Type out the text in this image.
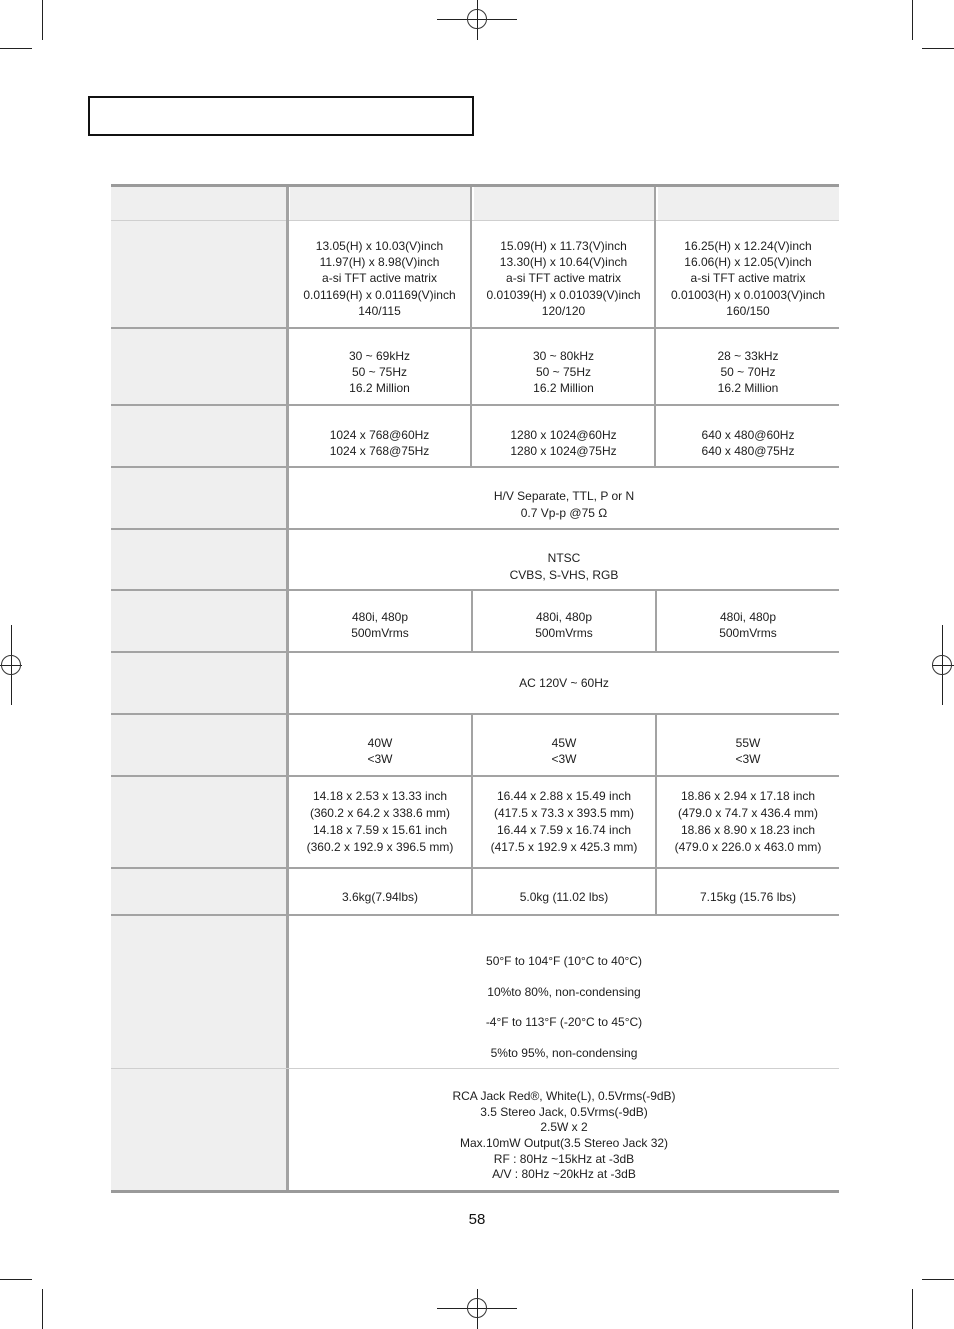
13.05(H) x 10.03(V)inch
11.97(H) x 8.98(V)inch
a-si TFT active matrix
0.01169(H) x 0.01169(V)inch
140/115
15.09(H) x 11.73(V)inch
13.30(H) x 10.64(V)inch
a-si TFT active matrix
0.01039(H) x 0.01039(V)inch
120/120
16.25(H) x 12.24(V)inch
16.06(H) x 12.05(V)inch
a-si TFT active matrix
0.01003(H) x 0.01003(V)inch
160/150
30 ~ 69kHz
50 ~ 75Hz
16.2 Million
30 ~ 80kHz
50 ~ 75Hz
16.2 Million
28 ~ 33kHz
50 ~ 70Hz
16.2 Million
1024 x 768@60Hz
1024 x 768@75Hz
1280 x 1024@60Hz
1280 x 1024@75Hz
640 x 480@60Hz
640 x 480@75Hz
H/V Separate, TTL, P or N
0.7 Vp-p @75 Ω
NTSC
CVBS, S-VHS, RGB
480i, 480p
500mVrms
480i, 480p
500mVrms
480i, 480p
500mVrms
AC 120V ~ 60Hz
40W
<3W
45W
<3W
55W
<3W
14.18 x 2.53 x 13.33 inch
(360.2 x 64.2 x 338.6 mm)
14.18 x 7.59 x 15.61 inch
(360.2 x 192.9 x 396.5 mm)
16.44 x 2.88 x 15.49 inch
(417.5 x 73.3 x 393.5 mm)
16.44 x 7.59 x 16.74 inch
(417.5 x 192.9 x 425.3 mm)
18.86 x 2.94 x 17.18 inch
(479.0 x 74.7 x 436.4 mm)
18.86 x 8.90 x 18.23 inch
(479.0 x 226.0 x 463.0 mm)
3.6kg(7.94lbs)	5.0kg (11.02 lbs)	7.15kg (15.76 lbs)
50°F to 104°F (10°C to 40°C)
10%to 80%, non-condensing
-4°F to 113°F (-20°C to 45°C)
5%to 95%, non-condensing
RCA Jack Red®, White(L), 0.5Vrms(-9dB)
3.5 Stereo Jack, 0.5Vrms(-9dB)
2.5W x 2
Max.10mW Output(3.5 Stereo Jack 32)
RF : 80Hz ~15kHz at -3dB
A/V : 80Hz ~20kHz at -3dB
58
